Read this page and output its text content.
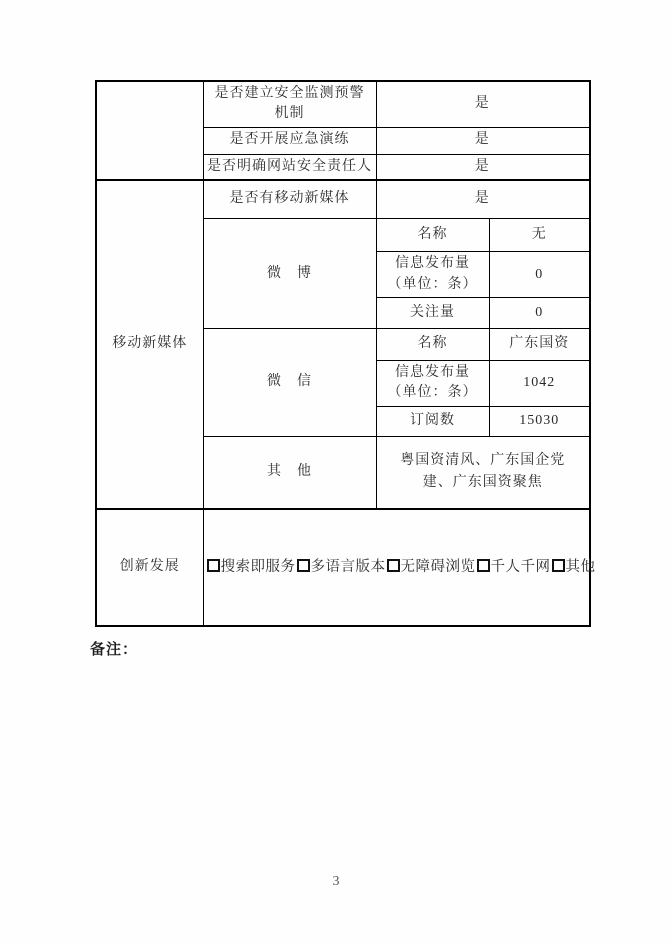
	是否建立安全监测预警
机制	是	
	是否开展应急演练	是	
	是否明确网站安全责任人	是	
移动新媒体	是否有移动新媒体	是	
	微　博	名称	无

		信息发布量
（单位：条）	0
		关注量	0
	微　信	名称	广东国资

		信息发布量
（单位：条）	1042
		订阅数	15030
	其　他	粤国资清风、广东国企党建、广东国资聚焦	
创新发展	搜索即服务 多语言版本 无障碍浏览 千人千网 其他		
备注：
3
